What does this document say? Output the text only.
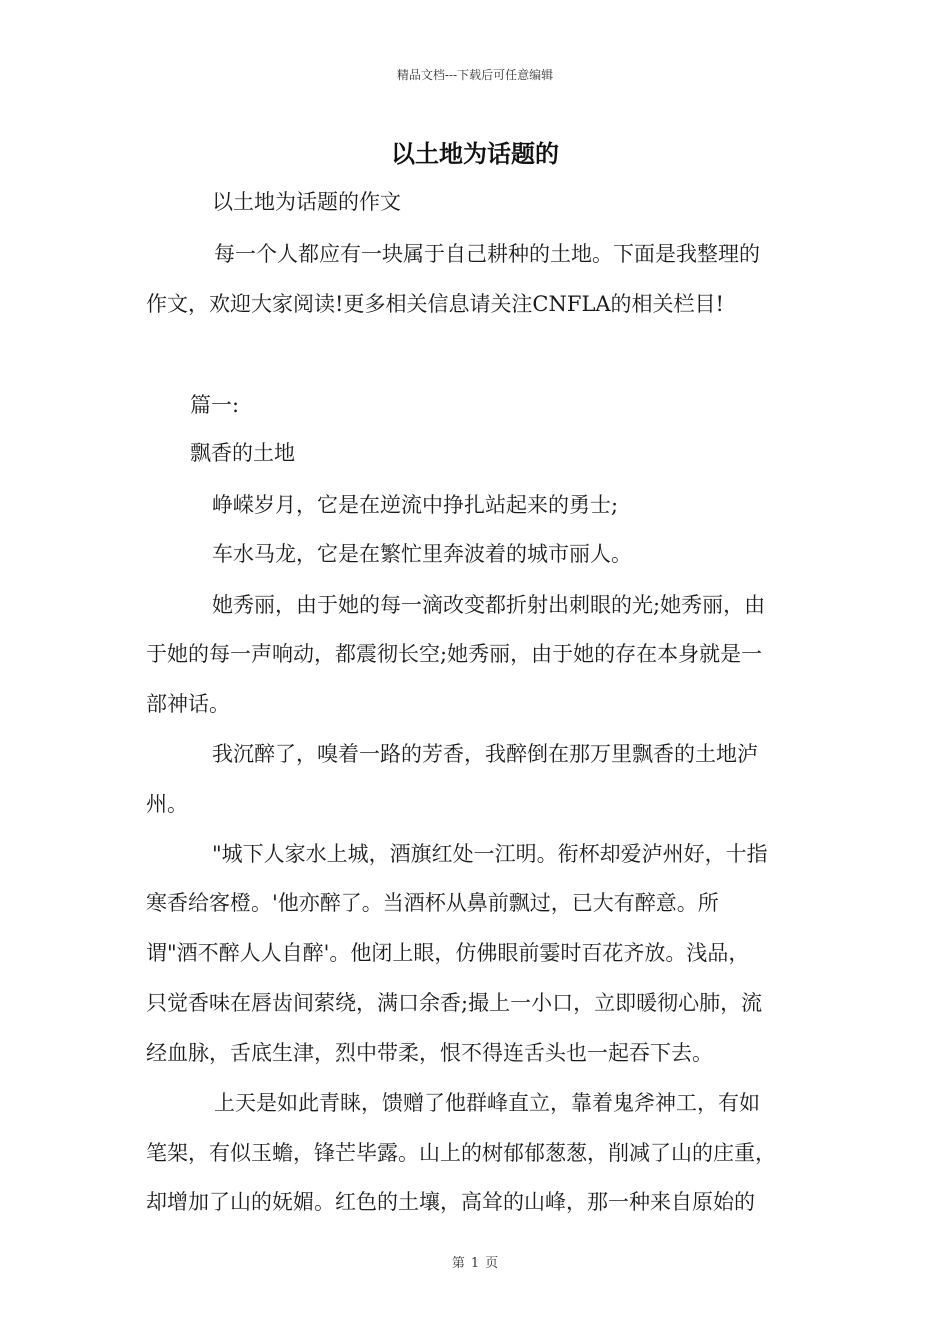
精品文档---下载后可任意编辑
以土地为话题的
以土地为话题的作文
每一个人都应有一块属于自己耕种的土地。下面是我整理的
作文，欢迎大家阅读!更多相关信息请关注CNFLA的相关栏目!
篇一:
飘香的土地
峥嵘岁月，它是在逆流中挣扎站起来的勇士;
车水马龙，它是在繁忙里奔波着的城市丽人。
她秀丽，由于她的每一滴改变都折射出刺眼的光;她秀丽，由
于她的每一声响动，都震彻长空;她秀丽，由于她的存在本身就是一
部神话。
我沉醉了，嗅着一路的芳香，我醉倒在那万里飘香的土地泸
州。
"城下人家水上城，酒旗红处一江明。衔杯却爱泸州好，十指
寒香给客橙。'他亦醉了。当酒杯从鼻前飘过，已大有醉意。所
谓"酒不醉人人自醉'。他闭上眼，仿佛眼前霎时百花齐放。浅品，
只觉香味在唇齿间萦绕，满口余香;撮上一小口，立即暖彻心肺，流
经血脉，舌底生津，烈中带柔，恨不得连舌头也一起吞下去。
上天是如此青睐，馈赠了他群峰直立，靠着鬼斧神工，有如
笔架，有似玉蟾，锋芒毕露。山上的树郁郁葱葱，削减了山的庄重，
却增加了山的妩媚。红色的土壤，高耸的山峰，那一种来自原始的
第 1 页
